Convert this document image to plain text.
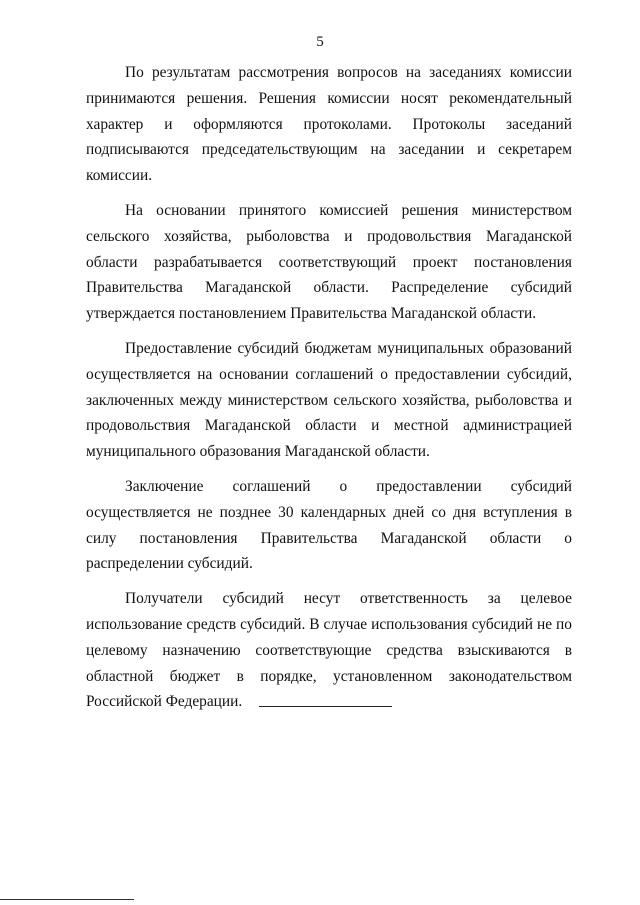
5

По результатам рассмотрения вопросов на заседаниях комиссии принимаются решения. Решения комиссии носят рекомендательный характер и оформляются протоколами. Протоколы заседаний подписываются председательствующим на заседании и секретарем комиссии.

На основании принятого комиссией решения министерством сельского хозяйства, рыболовства и продовольствия Магаданской области разрабатывается соответствующий проект постановления Правительства Магаданской области. Распределение субсидий утверждается постановлением Правительства Магаданской области.

Предоставление субсидий бюджетам муниципальных образований осуществляется на основании соглашений о предоставлении субсидий, заключенных между министерством сельского хозяйства, рыболовства и продовольствия Магаданской области и местной администрацией муниципального образования Магаданской области.

Заключение соглашений о предоставлении субсидий осуществляется не позднее 30 календарных дней со дня вступления в силу постановления Правительства Магаданской области о распределении субсидий.

Получатели субсидий несут ответственность за целевое использование средств субсидий. В случае использования субсидий не по целевому назначению соответствующие средства взыскиваются в областной бюджет в порядке, установленном законодательством Российской Федерации.
